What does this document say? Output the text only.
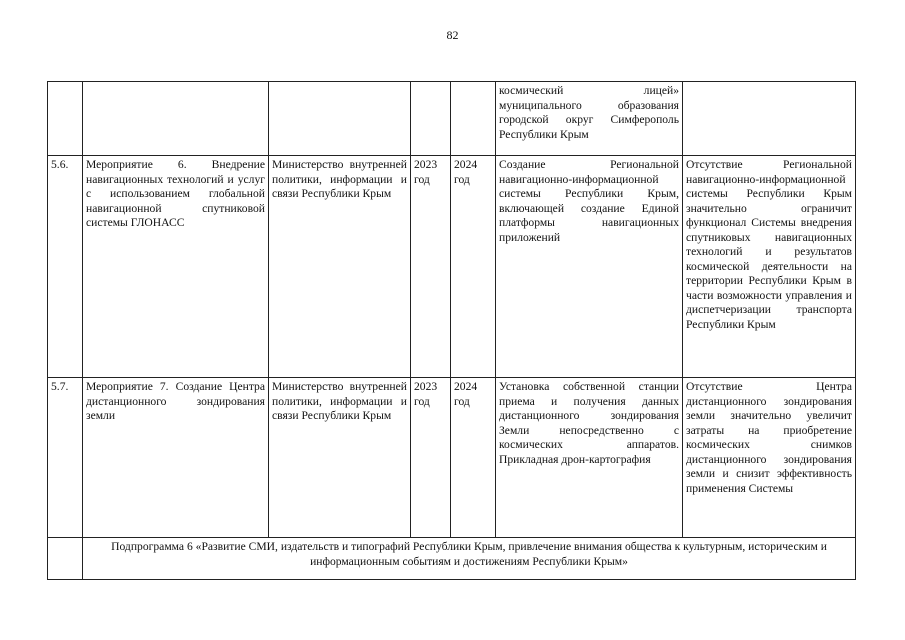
82
					космический лицей» муниципального образования городской округ Симферополь Республики Крым	
5.6.	Мероприятие 6. Внедрение навигационных технологий и услуг с использованием глобальной навигационной спутниковой системы ГЛОНАСС	Министерство внутренней политики, информации и связи Республики Крым	2023 год	2024 год	Создание Региональной навигационно-информационной системы Республики Крым, включающей создание Единой платформы навигационных приложений	Отсутствие Региональной навигационно-информационной системы Республики Крым значительно ограничит функционал Системы внедрения спутниковых навигационных технологий и результатов космической деятельности на территории Республики Крым в части возможности управления и диспетчеризации транспорта Республики Крым
5.7.	Мероприятие 7. Создание Центра дистанционного зондирования земли	Министерство внутренней политики, информации и связи Республики Крым	2023 год	2024 год	Установка собственной станции приема и получения данных дистанционного зондирования Земли непосредственно с космических аппаратов. Прикладная дрон-картография	Отсутствие Центра дистанционного зондирования земли значительно увеличит затраты на приобретение космических снимков дистанционного зондирования земли и снизит эффективность применения Системы
	Подпрограмма 6 «Развитие СМИ, издательств и типографий Республики Крым, привлечение внимания общества к культурным, историческим и информационным событиям и достижениям Республики Крым»					
